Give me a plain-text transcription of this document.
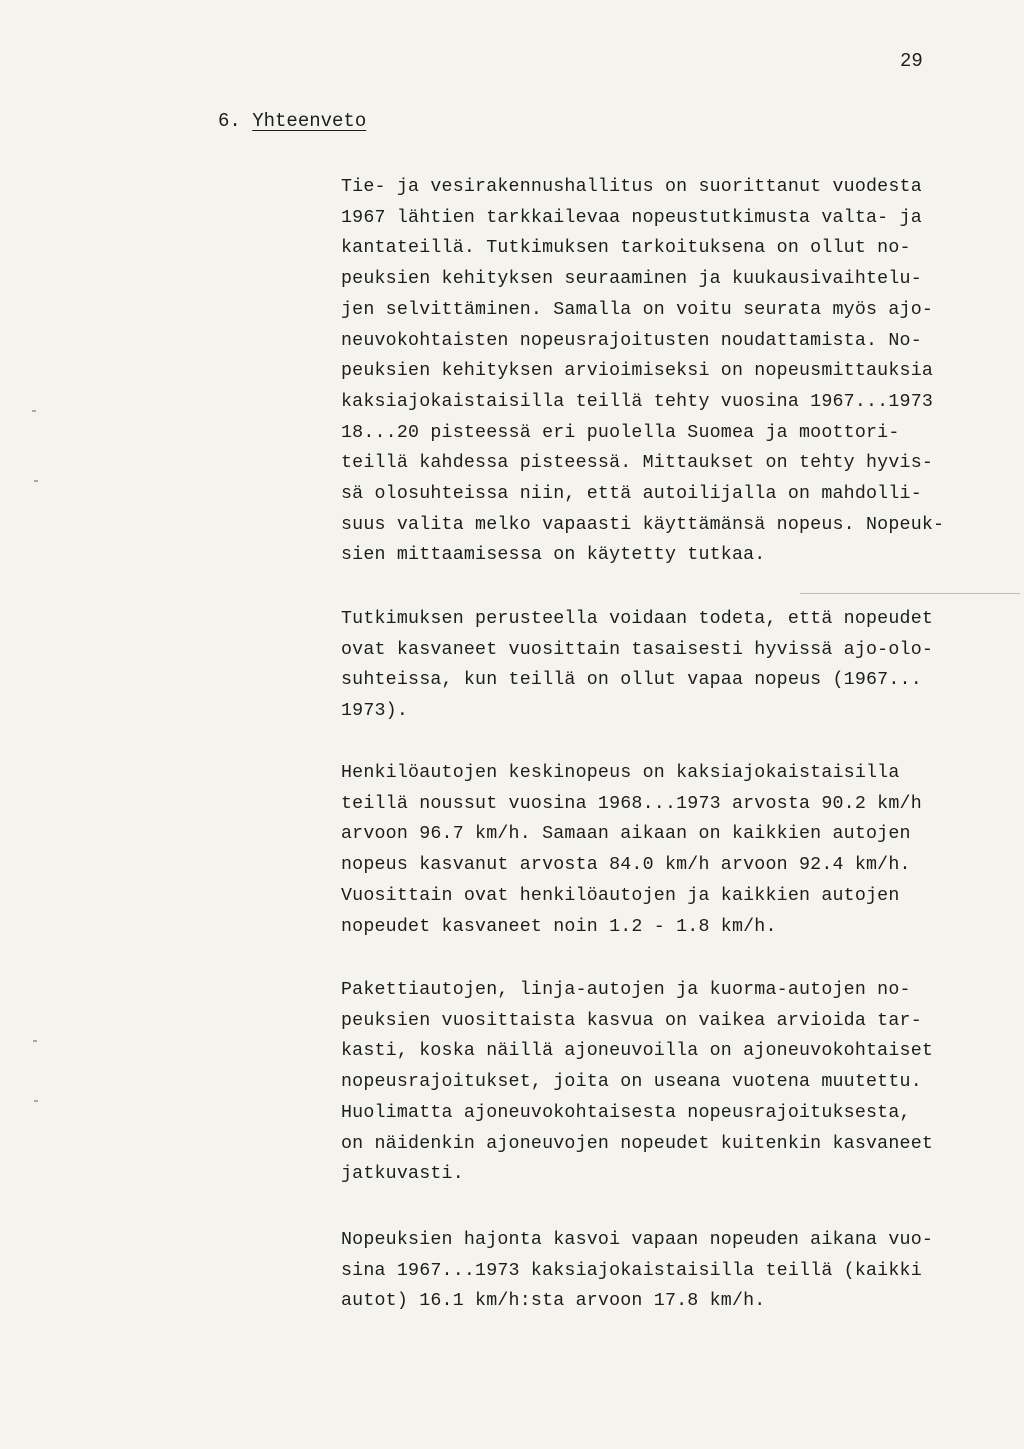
29
6. Yhteenveto
Tie- ja vesirakennushallitus on suorittanut vuodesta
1967 lähtien tarkkailevaa nopeustutkimusta valta- ja
kantateillä. Tutkimuksen tarkoituksena on ollut no-
peuksien kehityksen seuraaminen ja kuukausivaihtelu-
jen selvittäminen. Samalla on voitu seurata myös ajo-
neuvokohtaisten nopeusrajoitusten noudattamista. No-
peuksien kehityksen arvioimiseksi on nopeusmittauksia
kaksiajokaistaisilla teillä tehty vuosina 1967...1973
18...20 pisteessä eri puolella Suomea ja moottori-
teillä kahdessa pisteessä. Mittaukset on tehty hyvis-
sä olosuhteissa niin, että autoilijalla on mahdolli-
suus valita melko vapaasti käyttämänsä nopeus. Nopeuk-
sien mittaamisessa on käytetty tutkaa.
Tutkimuksen perusteella voidaan todeta, että nopeudet
ovat kasvaneet vuosittain tasaisesti hyvissä ajo-olo-
suhteissa, kun teillä on ollut vapaa nopeus (1967...
1973).
Henkilöautojen keskinopeus on kaksiajokaistaisilla
teillä noussut vuosina 1968...1973 arvosta 90.2 km/h
arvoon 96.7 km/h. Samaan aikaan on kaikkien autojen
nopeus kasvanut arvosta 84.0 km/h arvoon 92.4 km/h.
Vuosittain ovat henkilöautojen ja kaikkien autojen
nopeudet kasvaneet noin 1.2 - 1.8 km/h.
Pakettiautojen, linja-autojen ja kuorma-autojen no-
peuksien vuosittaista kasvua on vaikea arvioida tar-
kasti, koska näillä ajoneuvoilla on ajoneuvokohtaiset
nopeusrajoitukset, joita on useana vuotena muutettu.
Huolimatta ajoneuvokohtaisesta nopeusrajoituksesta,
on näidenkin ajoneuvojen nopeudet kuitenkin kasvaneet
jatkuvasti.
Nopeuksien hajonta kasvoi vapaan nopeuden aikana vuo-
sina 1967...1973 kaksiajokaistaisilla teillä (kaikki
autot) 16.1 km/h:sta arvoon 17.8 km/h.
